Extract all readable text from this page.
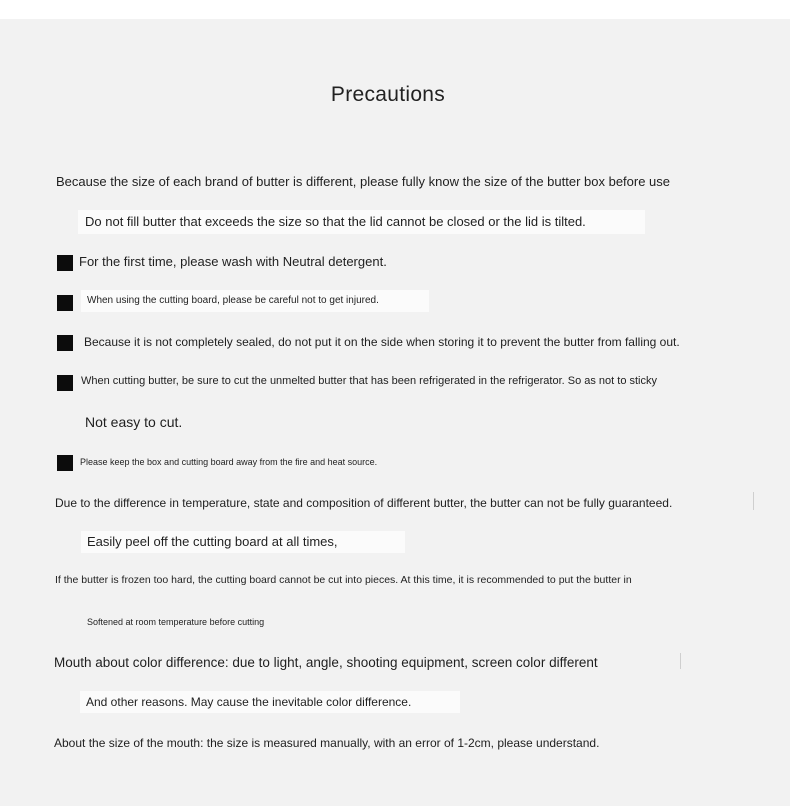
Precautions
Because the size of each brand of butter is different, please fully know the size of the butter box before use
Do not fill butter that exceeds the size so that the lid cannot be closed or the lid is tilted.
For the first time, please wash with Neutral detergent.
When using the cutting board, please be careful not to get injured.
Because it is not completely sealed, do not put it on the side when storing it to prevent the butter from falling out.
When cutting butter, be sure to cut the unmelted butter that has been refrigerated in the refrigerator. So as not to sticky
Not easy to cut.
Please keep the box and cutting board away from the fire and heat source.
Due to the difference in temperature, state and composition of different butter, the butter can not be fully guaranteed.
Easily peel off the cutting board at all times,
If the butter is frozen too hard, the cutting board cannot be cut into pieces. At this time, it is recommended to put the butter in
Softened at room temperature before cutting
Mouth about color difference: due to light, angle, shooting equipment, screen color different
And other reasons. May cause the inevitable color difference.
About the size of the mouth: the size is measured manually, with an error of 1-2cm, please understand.
